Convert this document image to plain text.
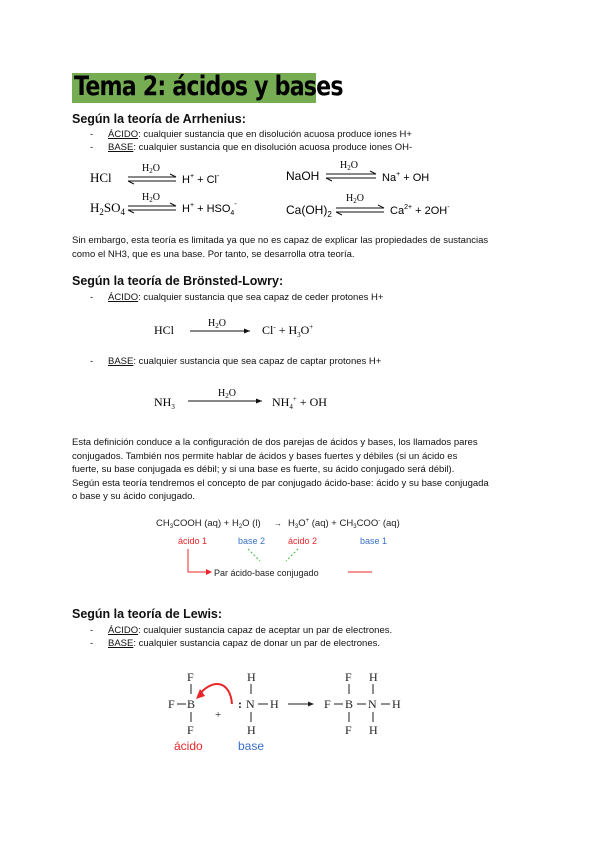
Tema 2: ácidos y bases
Según la teoría de Arrhenius:
- ÁCIDO: cualquier sustancia que en disolución acuosa produce iones H+
- BASE: cualquier sustancia que en disolución acuosa produce iones OH-
HCl
$H_2O$
H+ + Cl-
$H_2SO_4$
$H_2O$
$H^+ + HSO_4^-$
NaOH
$H_2O$
Na+ + OH
$Ca(OH)_2$
$H_2O$
$Ca^{2+} + 2OH^-$
Sin embargo, esta teoría es limitada ya que no es capaz de explicar las propiedades de sustancias
como el NH3, que es una base. Por tanto, se desarrolla otra teoría.
Según la teoría de Brönsted-Lowry:
- ÁCIDO: cualquier sustancia que sea capaz de ceder protones H+
HCl	$H_2O$	$Cl^- + H_3O^+$
- BASE: cualquier sustancia que sea capaz de captar protones H+
$NH_3$
$H_2O$
$NH_4^+$ + OH
Esta definición conduce a la configuración de dos parejas de ácidos y bases, los llamados pares
conjugados. También nos permite hablar de ácidos y bases fuertes y débiles (si un ácido es
fuerte, su base conjugada es débil; y si una base es fuerte, su ácido conjugado será débil).
Según esta teoría tendremos el concepto de par conjugado ácido-base: ácido y su base conjugada
o base y su ácido conjugado.
$CH_3COOH$ $(aq) + H_2O$ $(l) \to H_3O^+$ $(aq) + CH_3COO^-$ (aq)
ácido 1	base 2	ácido 2	base 1
Par ácido-base conjugado
Según la teoría de Lewis:
- ÁCIDO: cualquier sustancia capaz de aceptar un par de electrones.
- BASE: cualquier sustancia capaz de donar un par de electrones.
F B
F
F
+
: N H
H
H
F B
F
F
N
H
H
H
ácido	base
